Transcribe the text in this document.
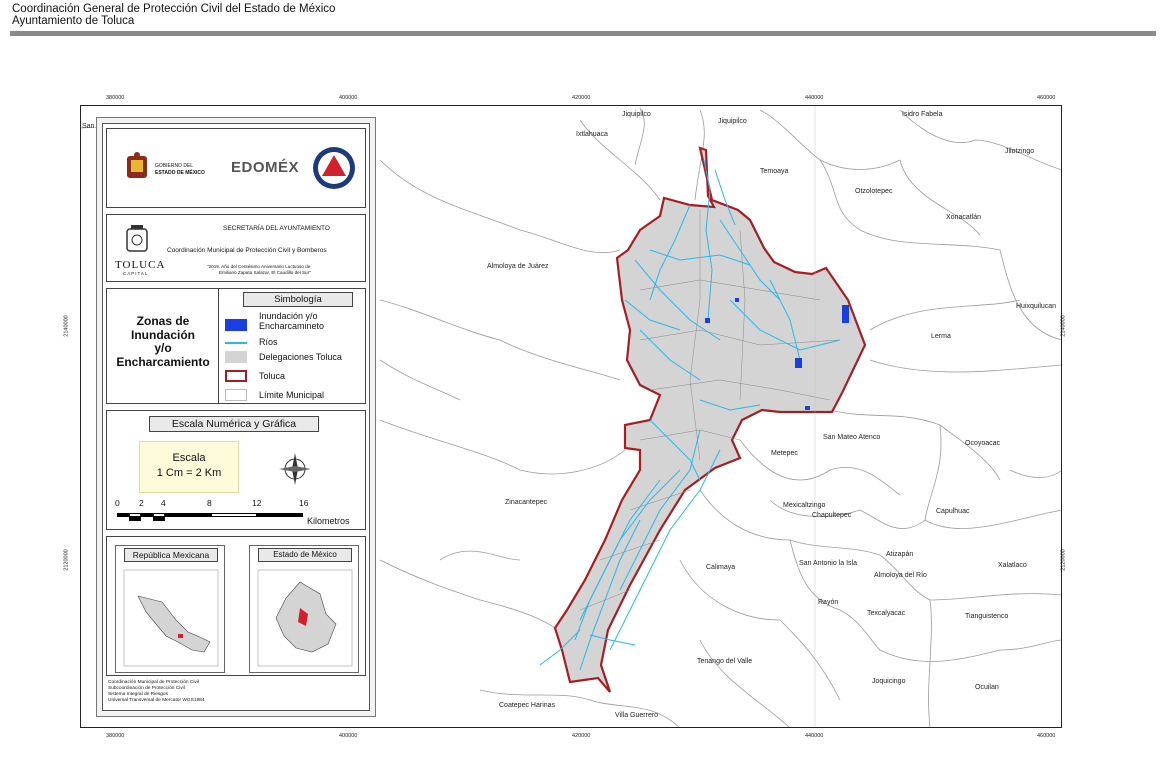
Coordinación General de Protección Civil del Estado de México
Ayuntamiento de Toluca
380000	400000	420000	440000	460000
380000	400000	420000	440000	460000
2140000
2120000
2140000
2120000
Jiquipilco
Jiquipilco
Isidro Fabela
Jilotzingo
Ixtlahuaca
Temoaya
Otzolotepec
Xonacatlán
Almoloya de Juárez
Huixquilucan
Lerma
San Mateo Atenco
Ocoyoacac
Metepec
Zinacantepec	Mexicaltzingo
Chapultepec
Capulhuac
Atizapán
Calimaya
San Antonio la Isla
Almoloya del Río
Xalatlaco
Rayón
Texcalyacac	Tianguistenco
Tenango del Valle
Joquicingo
Ocuilan
Coatepec Harinas
Villa Guerrero
San
GOBIERNO DEL
ESTADO DE MÉXICO EDOMÉX
TOLUCA
CAPITAL
SECRETARÍA DEL AYUNTAMIENTO
Coordinación Municipal de Protección Civil y Bomberos
"2019. Año del Centésimo Aniversario Luctuoso de
Emiliano Zapata Salazar, El Caudillo del Sur"
Zonas de
Inundación
y/o
Encharcamiento
Simbología
Inundación y/o
Encharcamineto
Ríos
Delegaciones Toluca
Toluca
Límite Municipal
Escala Numérica y Gráfica
Escala
1 Cm = 2 Km
0 2 4	8	12	16
Kilometros
República Mexicana	Estado de México
Coordinación Municipal de Protección Civil
Subcoordinación de Protección Civil
Sistema Integral de Riesgos
Universal Transversal de Mercator WGS1984
